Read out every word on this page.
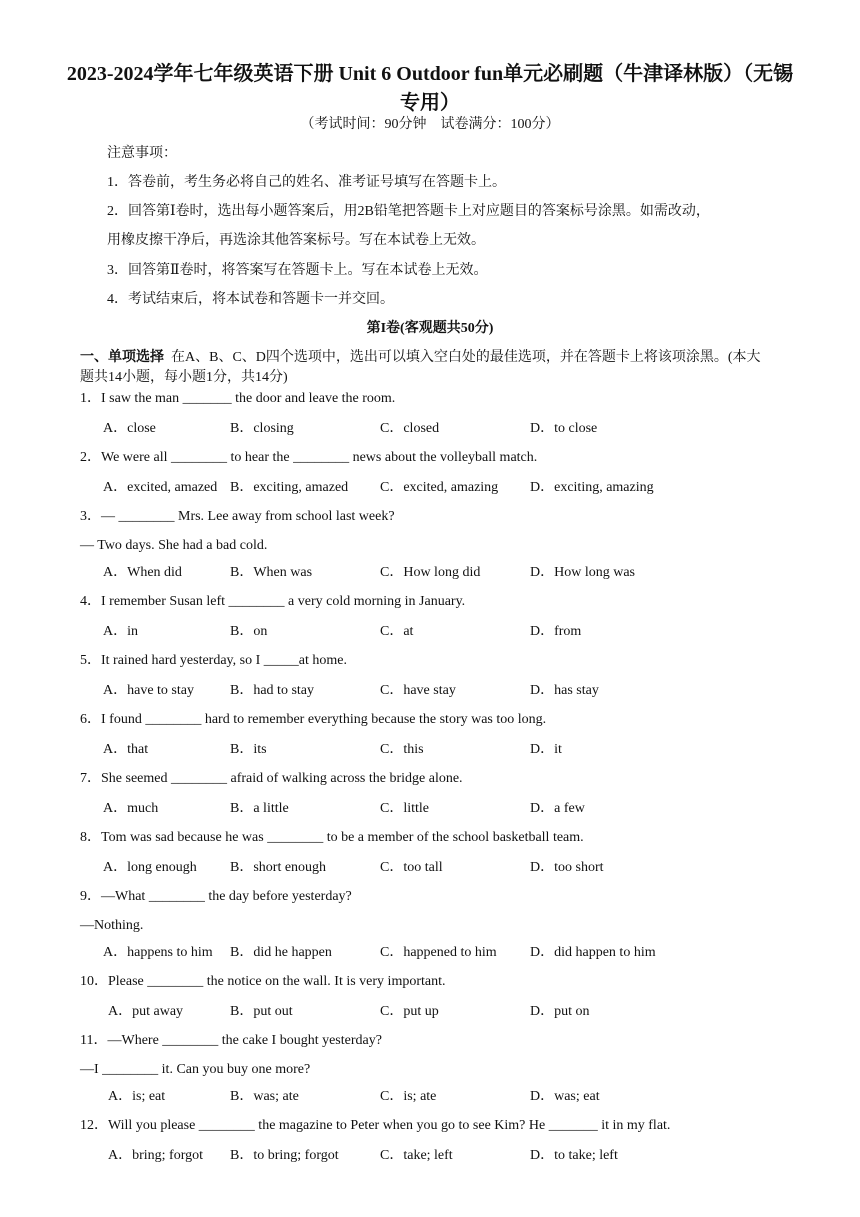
2023-2024学年七年级英语下册 Unit 6 Outdoor fun单元必刷题（牛津译林版）（无锡专用）
（考试时间：90分钟　试卷满分：100分）
注意事项：
1．答卷前，考生务必将自己的姓名、准考证号填写在答题卡上。
2．回答第Ⅰ卷时，选出每小题答案后，用2B铅笔把答题卡上对应题目的答案标号涂黑。如需改动，
用橡皮擦干净后，再选涂其他答案标号。写在本试卷上无效。
3．回答第Ⅱ卷时，将答案写在答题卡上。写在本试卷上无效。
4．考试结束后，将本试卷和答题卡一并交回。
第I卷(客观题共50分)
一、单项选择 在A、B、C、D四个选项中，选出可以填入空白处的最佳选项，并在答题卡上将该项涂黑。(本大题共14小题，每小题1分，共14分)
1．I saw the man _______ the door and leave the room.
A．close	B．closing	C．closed	D．to close
2．We were all ________ to hear the ________ news about the volleyball match.
A．excited, amazed B．exciting, amazed C．excited, amazing D．exciting, amazing
3．— ________ Mrs. Lee away from school last week?
— Two days. She had a bad cold.
A．When did	B．When was	C．How long did	D．How long was
4．I remember Susan left ________ a very cold morning in January.
A．in	B．on	C．at	D．from
5．It rained hard yesterday, so I _____at home.
A．have to stay	B．had to stay	C．have stay	D．has stay
6．I found ________ hard to remember everything because the story was too long.
A．that	B．its	C．this	D．it
7．She seemed ________ afraid of walking across the bridge alone.
A．much	B．a little	C．little	D．a few
8．Tom was sad because he was ________ to be a member of the school basketball team.
A．long enough B．short enough	C．too tall	D．too short
9．—What ________ the day before yesterday?
—Nothing.
A．happens to him B．did he happen	C．happened to him D．did happen to him
10．Please ________ the notice on the wall. It is very important.
A．put away	B．put out	C．put up	D．put on
11．—Where ________ the cake I bought yesterday?
—I ________ it. Can you buy one more?
A．is; eat	B．was; ate	C．is; ate	D．was; eat
12．Will you please ________ the magazine to Peter when you go to see Kim? He _______ it in my flat.
A．bring; forgot B．to bring; forgot	C．take; left	D．to take; left
